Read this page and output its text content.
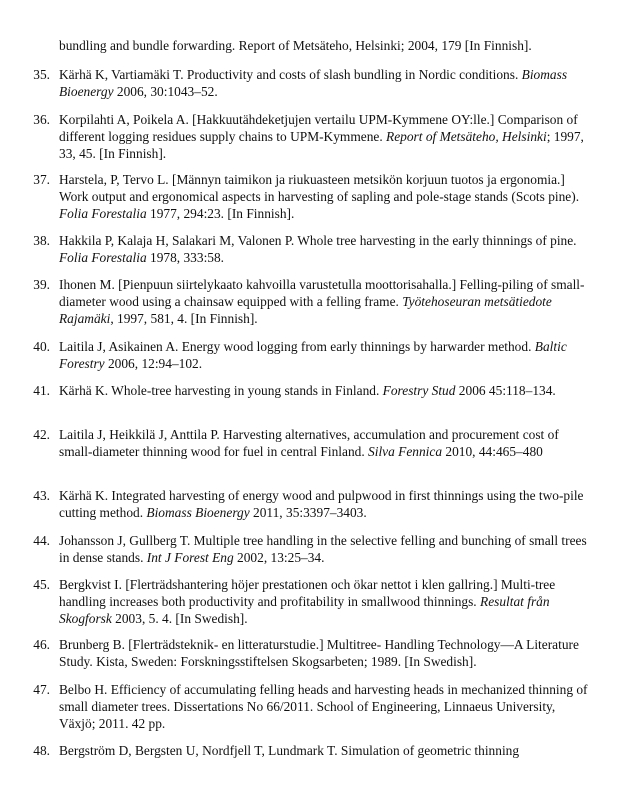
bundling and bundle forwarding. Report of Metsäteho, Helsinki; 2004, 179 [In Finnish].
35. Kärhä K, Vartiamäki T. Productivity and costs of slash bundling in Nordic conditions. Biomass Bioenergy 2006, 30:1043–52.
36. Korpilahti A, Poikela A. [Hakkuutähdeketjujen vertailu UPM-Kymmene OY:lle.] Comparison of different logging residues supply chains to UPM-Kymmene. Report of Metsäteho, Helsinki; 1997, 33, 45. [In Finnish].
37. Harstela, P, Tervo L. [Männyn taimikon ja riukuasteen metsikön korjuun tuotos ja ergonomia.] Work output and ergonomical aspects in harvesting of sapling and pole-stage stands (Scots pine). Folia Forestalia 1977, 294:23. [In Finnish].
38. Hakkila P, Kalaja H, Salakari M, Valonen P. Whole tree harvesting in the early thinnings of pine. Folia Forestalia 1978, 333:58.
39. Ihonen M. [Pienpuun siirtelykaato kahvoilla varustetulla moottorisahalla.] Felling-piling of small-diameter wood using a chainsaw equipped with a felling frame. Työtehoseuran metsätiedote Rajamäki, 1997, 581, 4. [In Finnish].
40. Laitila J, Asikainen A. Energy wood logging from early thinnings by harwarder method. Baltic Forestry 2006, 12:94–102.
41. Kärhä K. Whole-tree harvesting in young stands in Finland. Forestry Stud 2006 45:118–134.
42. Laitila J, Heikkilä J, Anttila P. Harvesting alternatives, accumulation and procurement cost of small-diameter thinning wood for fuel in central Finland. Silva Fennica 2010, 44:465–480
43. Kärhä K. Integrated harvesting of energy wood and pulpwood in first thinnings using the two-pile cutting method. Biomass Bioenergy 2011, 35:3397–3403.
44. Johansson J, Gullberg T. Multiple tree handling in the selective felling and bunching of small trees in dense stands. Int J Forest Eng 2002, 13:25–34.
45. Bergkvist I. [Flerträdshantering höjer prestationen och ökar nettot i klen gallring.] Multi-tree handling increases both productivity and profitability in smallwood thinnings. Resultat från Skogforsk 2003, 5. 4. [In Swedish].
46. Brunberg B. [Flerträdsteknik- en litteraturstudie.] Multitree- Handling Technology—A Literature Study. Kista, Sweden: Forskningsstiftelsen Skogsarbeten; 1989. [In Swedish].
47. Belbo H. Efficiency of accumulating felling heads and harvesting heads in mechanized thinning of small diameter trees. Dissertations No 66/2011. School of Engineering, Linnaeus University, Växjö; 2011. 42 pp.
48. Bergström D, Bergsten U, Nordfjell T, Lundmark T. Simulation of geometric thinning
